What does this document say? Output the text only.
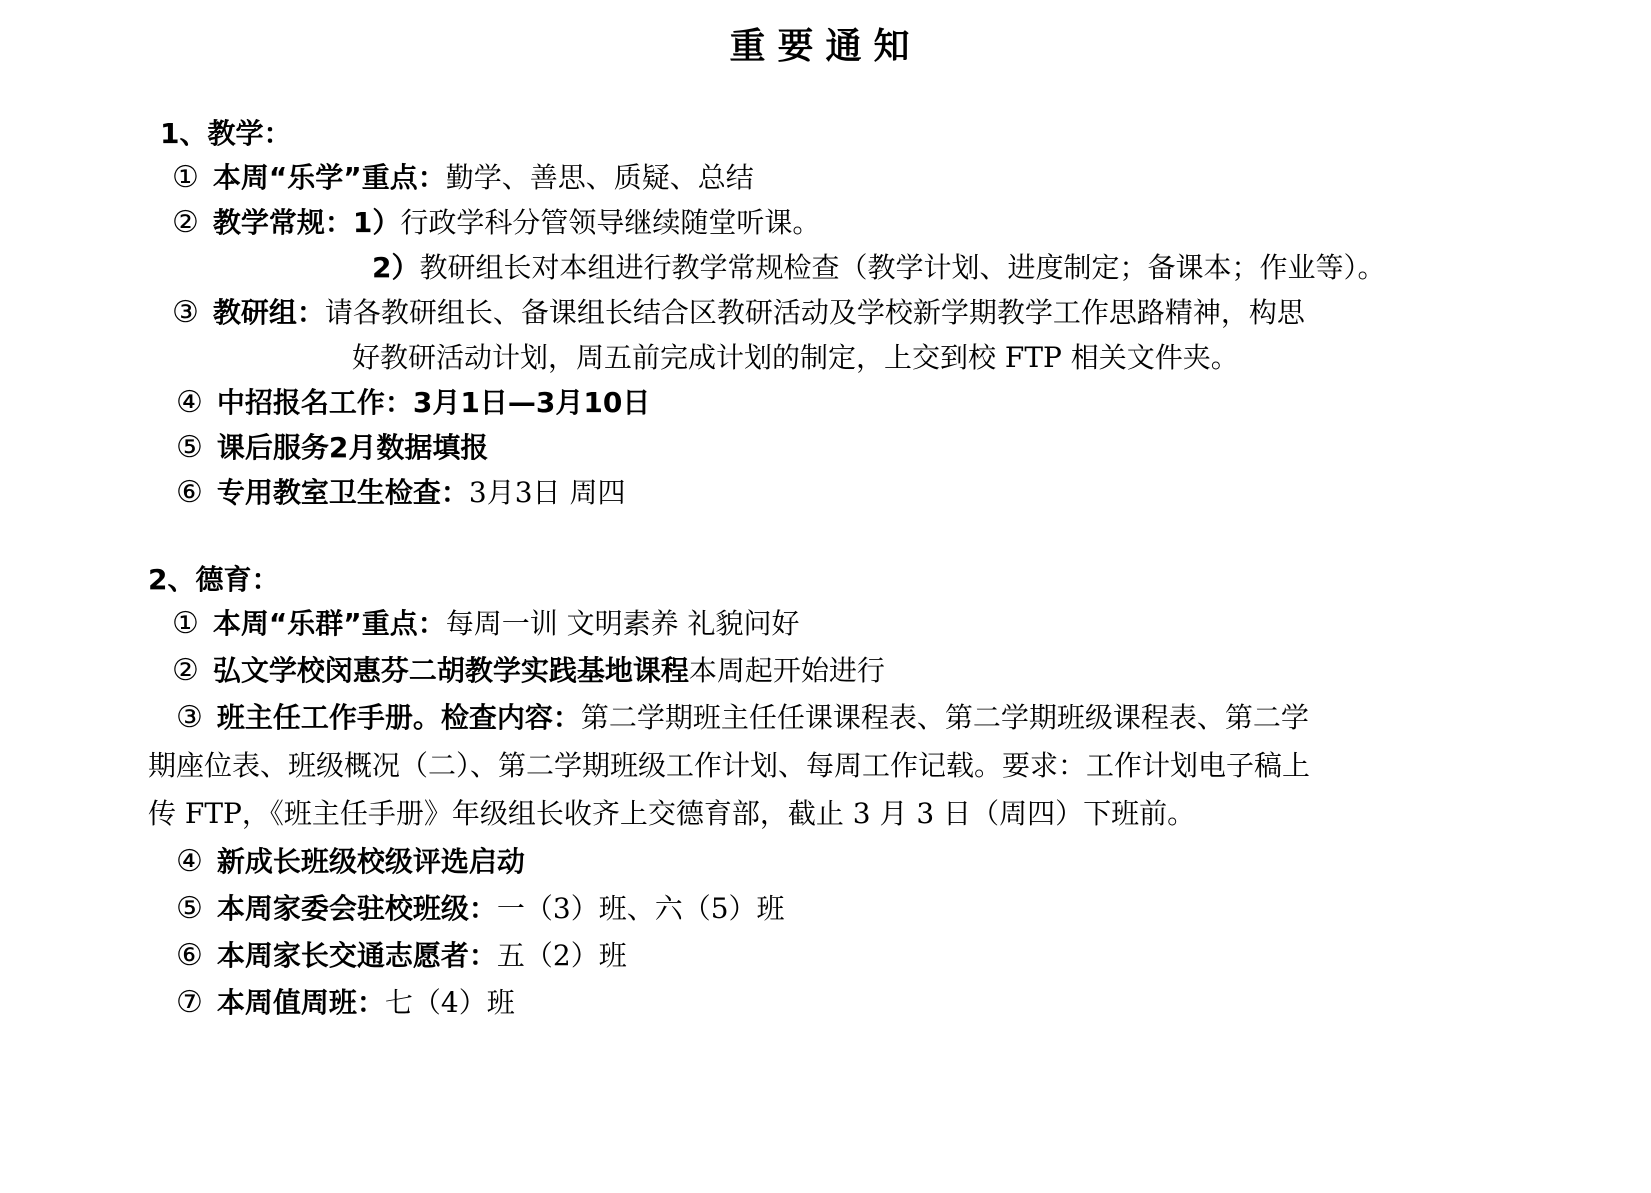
重要通知
1、教学：
① 本周“乐学”重点：勤学、善思、质疑、总结
② 教学常规：1）行政学科分管领导继续随堂听课。
2）教研组长对本组进行教学常规检查（教学计划、进度制定；备课本；作业等）。
③ 教研组：请各教研组长、备课组长结合区教研活动及学校新学期教学工作思路精神，构思
好教研活动计划，周五前完成计划的制定，上交到校 FTP 相关文件夹。
④ 中招报名工作：3月1日—3月10日
⑤ 课后服务2月数据填报
⑥ 专用教室卫生检查：3月3日 周四
2、德育：
① 本周“乐群”重点：每周一训 文明素养 礼貌问好
② 弘文学校闵惠芬二胡教学实践基地课程本周起开始进行
③ 班主任工作手册。检查内容：第二学期班主任任课课程表、第二学期班级课程表、第二学
期座位表、班级概况（二）、第二学期班级工作计划、每周工作记载。要求：工作计划电子稿上
传 FTP，《班主任手册》年级组长收齐上交德育部，截止 3 月 3 日（周四）下班前。
④ 新成长班级校级评选启动
⑤ 本周家委会驻校班级：一（3）班、六（5）班
⑥ 本周家长交通志愿者：五（2）班
⑦ 本周值周班：七（4）班
